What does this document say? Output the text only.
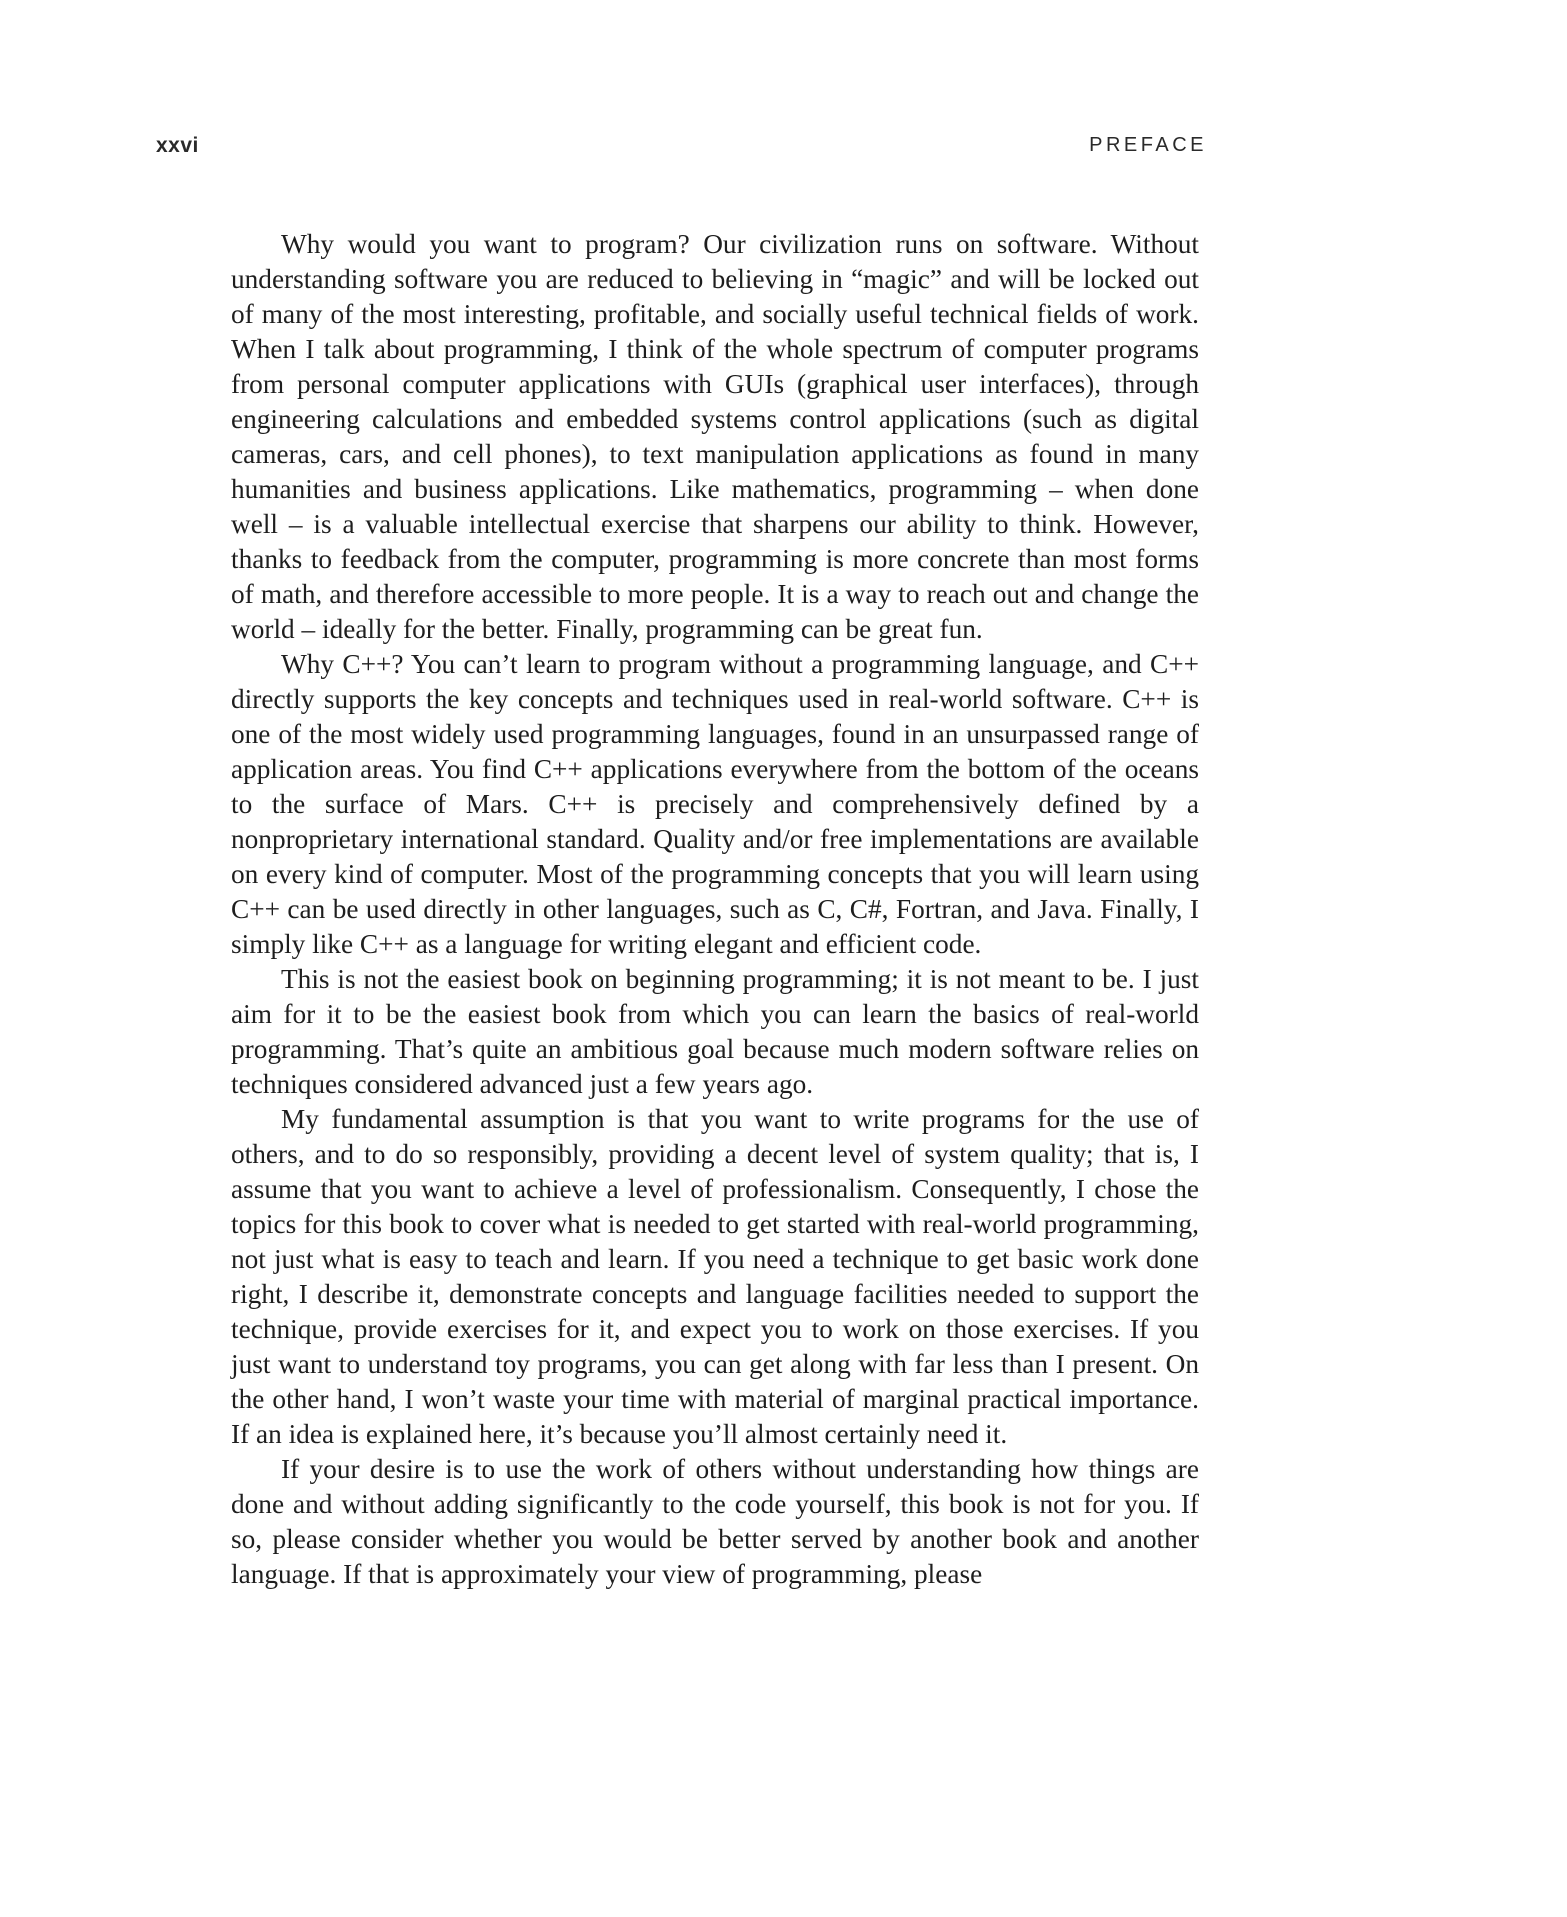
xxvi	PREFACE

Why would you want to program? Our civilization runs on software. Without understanding software you are reduced to believing in “magic” and will be locked out of many of the most interesting, profitable, and socially useful technical fields of work. When I talk about programming, I think of the whole spectrum of computer programs from personal computer applications with GUIs (graphical user interfaces), through engineering calculations and embedded systems control applications (such as digital cameras, cars, and cell phones), to text manipulation applications as found in many humanities and business applications. Like mathematics, programming – when done well – is a valuable intellectual exercise that sharpens our ability to think. However, thanks to feedback from the computer, programming is more concrete than most forms of math, and therefore accessible to more people. It is a way to reach out and change the world – ideally for the better. Finally, programming can be great fun.

Why C++? You can’t learn to program without a programming language, and C++ directly supports the key concepts and techniques used in real-world software. C++ is one of the most widely used programming languages, found in an unsurpassed range of application areas. You find C++ applications everywhere from the bottom of the oceans to the surface of Mars. C++ is precisely and comprehensively defined by a nonproprietary international standard. Quality and/or free implementations are available on every kind of computer. Most of the programming concepts that you will learn using C++ can be used directly in other languages, such as C, C#, Fortran, and Java. Finally, I simply like C++ as a language for writing elegant and efficient code.

This is not the easiest book on beginning programming; it is not meant to be. I just aim for it to be the easiest book from which you can learn the basics of real-world programming. That’s quite an ambitious goal because much modern software relies on techniques considered advanced just a few years ago.

My fundamental assumption is that you want to write programs for the use of others, and to do so responsibly, providing a decent level of system quality; that is, I assume that you want to achieve a level of professionalism. Consequently, I chose the topics for this book to cover what is needed to get started with real-world programming, not just what is easy to teach and learn. If you need a technique to get basic work done right, I describe it, demonstrate concepts and language facilities needed to support the technique, provide exercises for it, and expect you to work on those exercises. If you just want to understand toy programs, you can get along with far less than I present. On the other hand, I won’t waste your time with material of marginal practical importance. If an idea is explained here, it’s because you’ll almost certainly need it.

If your desire is to use the work of others without understanding how things are done and without adding significantly to the code yourself, this book is not for you. If so, please consider whether you would be better served by another book and another language. If that is approximately your view of programming, please
